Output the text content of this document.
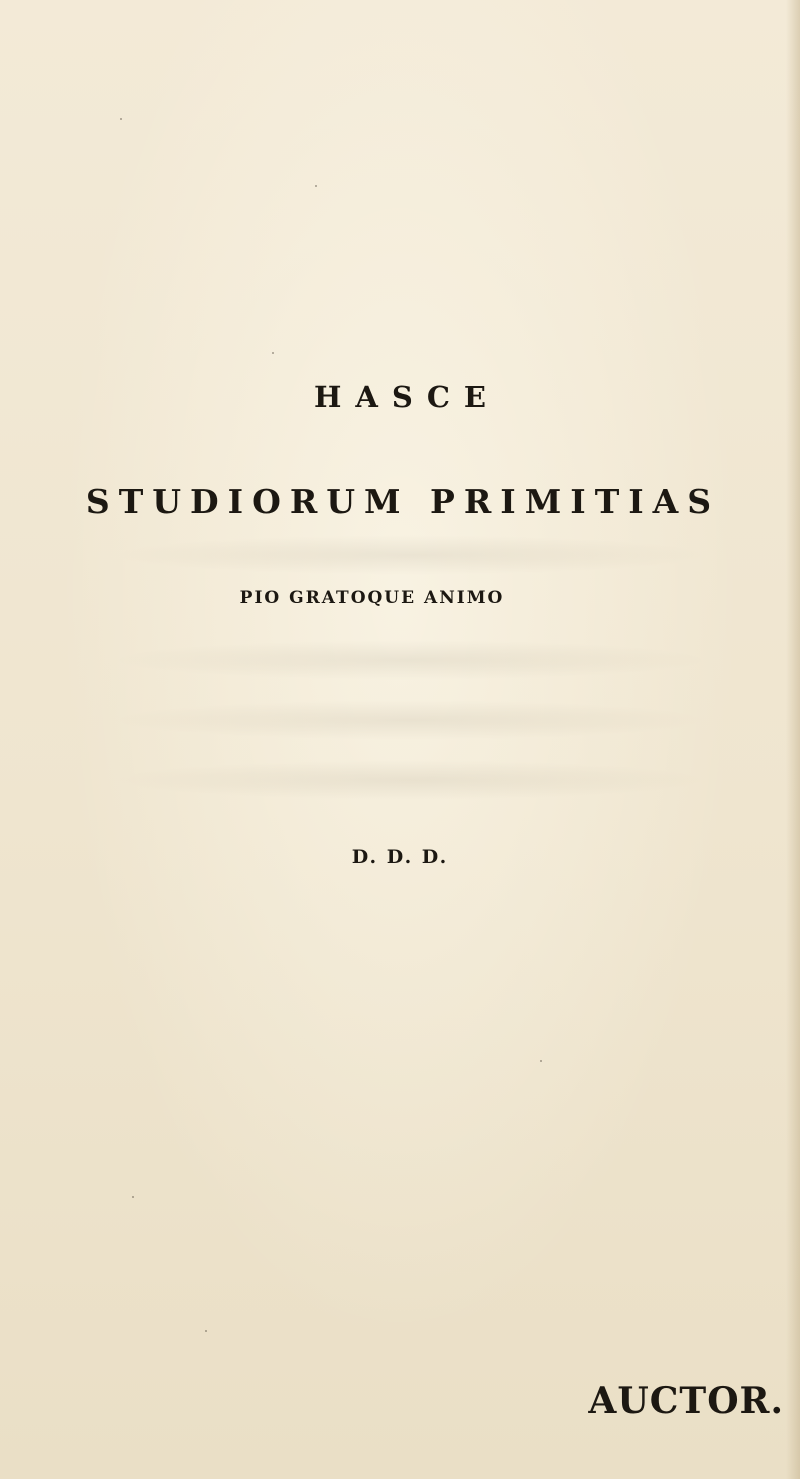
HASCE
STUDIORUM PRIMITIAS
PIO GRATOQUE ANIMO
D. D. D.
AUCTOR.
